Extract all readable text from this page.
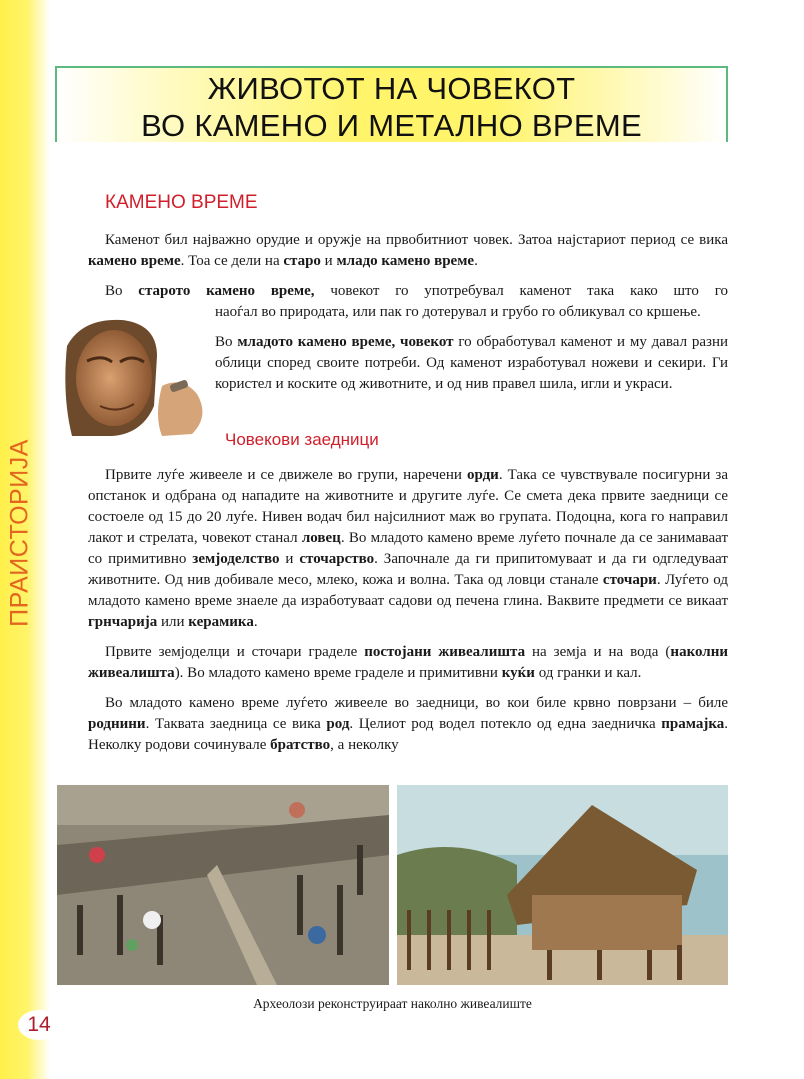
ПРАИСТОРИЈА
14
ЖИВОТОТ НА ЧОВЕКОТ
ВО КАМЕНО И МЕТАЛНО ВРЕМЕ
КАМЕНО ВРЕМЕ

Каменот бил најважно орудие и оружје на првобитниот човек. Затоа најстариот период се вика камено време. Тоа се дели на старо и младо камено време.

Во старото камено време, човекот го употребувал каменот така како што го

наоѓал во природата, или пак го дотерувал и грубо го обликувал со кршење.

Во младото камено време, човекот го обработувал каменот и му давал разни облици според своите потреби. Од каменот изработувал ножеви и секири. Ги користел и коските од животните, и од нив правел шила, игли и украси.

Човекови заедници

Првите луѓе живееле и се движеле во групи, наречени орди. Така се чувствувале посигурни за опстанок и одбрана од нападите на животните и другите луѓе. Се смета дека првите заедници се состоеле од 15 до 20 луѓе. Нивен водач бил најсилниот маж во групата. Подоцна, кога го направил лакот и стрелата, човекот станал ловец. Во младото камено време луѓето почнале да се занимаваат со примитивно земјоделство и сточарство. Започнале да ги припитомуваат и да ги одгледуваат животните. Од нив добивале месо, млеко, кожа и волна. Така од ловци станале сточари. Луѓето од младото камено време знаеле да изработуваат садови од печена глина. Ваквите предмети се викаат грнчарија или керамика.

Првите земјоделци и сточари граделе постојани живеалишта на земја и на вода (наколни живеалишта). Во младото камено време граделе и примитивни куќи од гранки и кал.

Во младото камено време луѓето живееле во заедници, во кои биле крвно поврзани – биле роднини. Таквата заедница се вика род. Целиот род водел потекло од една заедничка прамајка. Неколку родови сочинувале братство, а неколку

Археолози реконструираат наколно живеалиште
